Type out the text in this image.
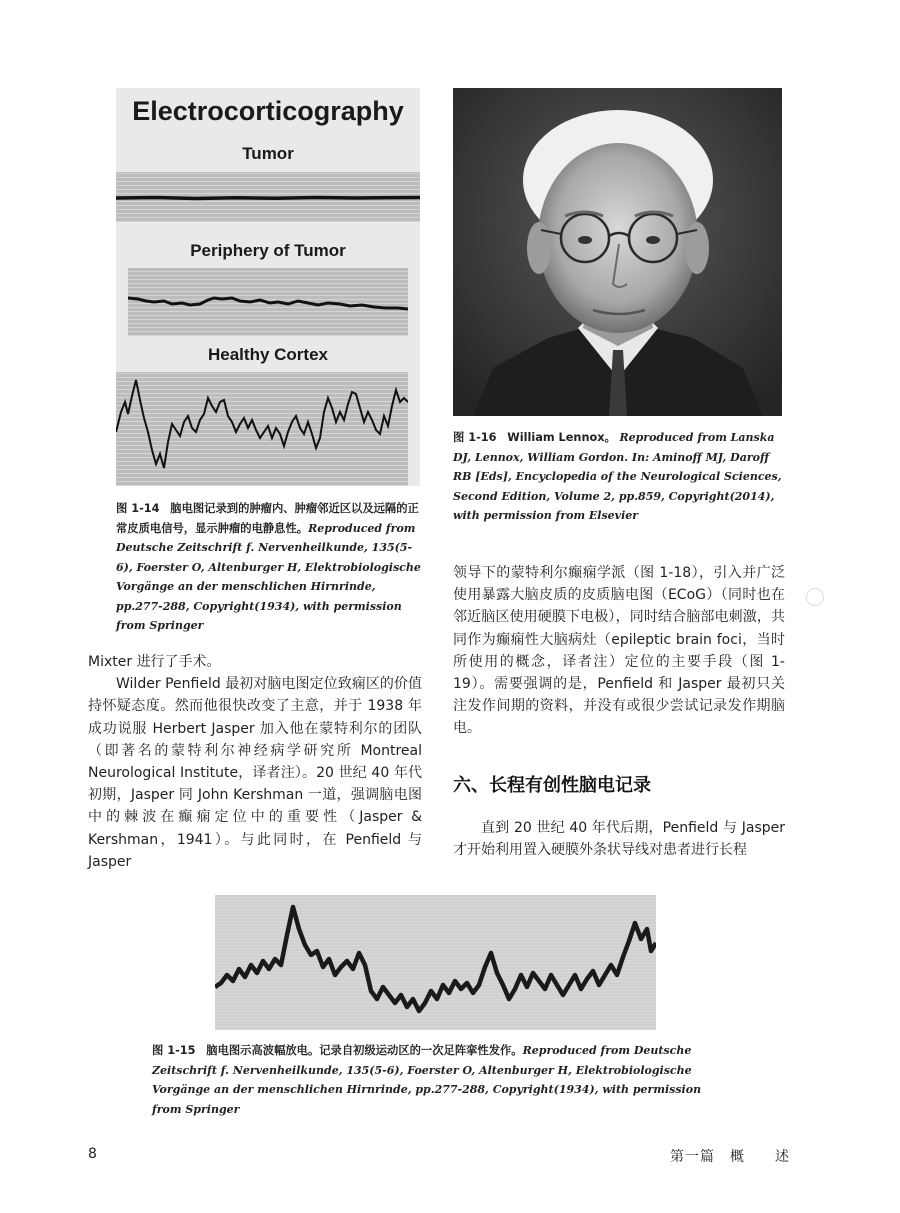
Electrocorticography
Tumor
Periphery of Tumor
Healthy Cortex
图 1-16 William Lennox。 Reproduced from Lanska DJ, Lennox, William Gordon. In: Aminoff MJ, Daroff RB [Eds], Encyclopedia of the Neurological Sciences, Second Edition, Volume 2, pp.859, Copyright(2014), with permission from Elsevier
图 1-14 脑电图记录到的肿瘤内、肿瘤邻近区以及远隔的正常皮质电信号，显示肿瘤的电静息性。Reproduced from Deutsche Zeitschrift f. Nervenheilkunde, 135(5-6), Foerster O, Altenburger H, Elektrobiologische Vorgänge an der menschlichen Hirnrinde, pp.277-288, Copyright(1934), with permission from Springer
Mixter 进行了手术。
Wilder Penfield 最初对脑电图定位致痫区的价值持怀疑态度。然而他很快改变了主意，并于 1938 年成功说服 Herbert Jasper 加入他在蒙特利尔的团队（即著名的蒙特利尔神经病学研究所 Montreal Neurological Institute，译者注）。20 世纪 40 年代初期，Jasper 同 John Kershman 一道，强调脑电图中的棘波在癫痫定位中的重要性（Jasper & Kershman，1941）。与此同时，在 Penfield 与 Jasper
领导下的蒙特利尔癫痫学派（图 1-18），引入并广泛使用暴露大脑皮质的皮质脑电图（ECoG）（同时也在邻近脑区使用硬膜下电极），同时结合脑部电刺激，共同作为癫痫性大脑病灶（epileptic brain foci，当时所使用的概念，译者注）定位的主要手段（图 1-19）。需要强调的是，Penfield 和 Jasper 最初只关注发作间期的资料，并没有或很少尝试记录发作期脑电。
六、长程有创性脑电记录
直到 20 世纪 40 年代后期，Penfield 与 Jasper 才开始利用置入硬膜外条状导线对患者进行长程
图 1-15 脑电图示高波幅放电。记录自初级运动区的一次足阵挛性发作。Reproduced from Deutsche Zeitschrift f. Nervenheilkunde, 135(5-6), Foerster O, Altenburger H, Elektrobiologische Vorgänge an der menschlichen Hirnrinde, pp.277-288, Copyright(1934), with permission from Springer
8	第一篇　概　　述
